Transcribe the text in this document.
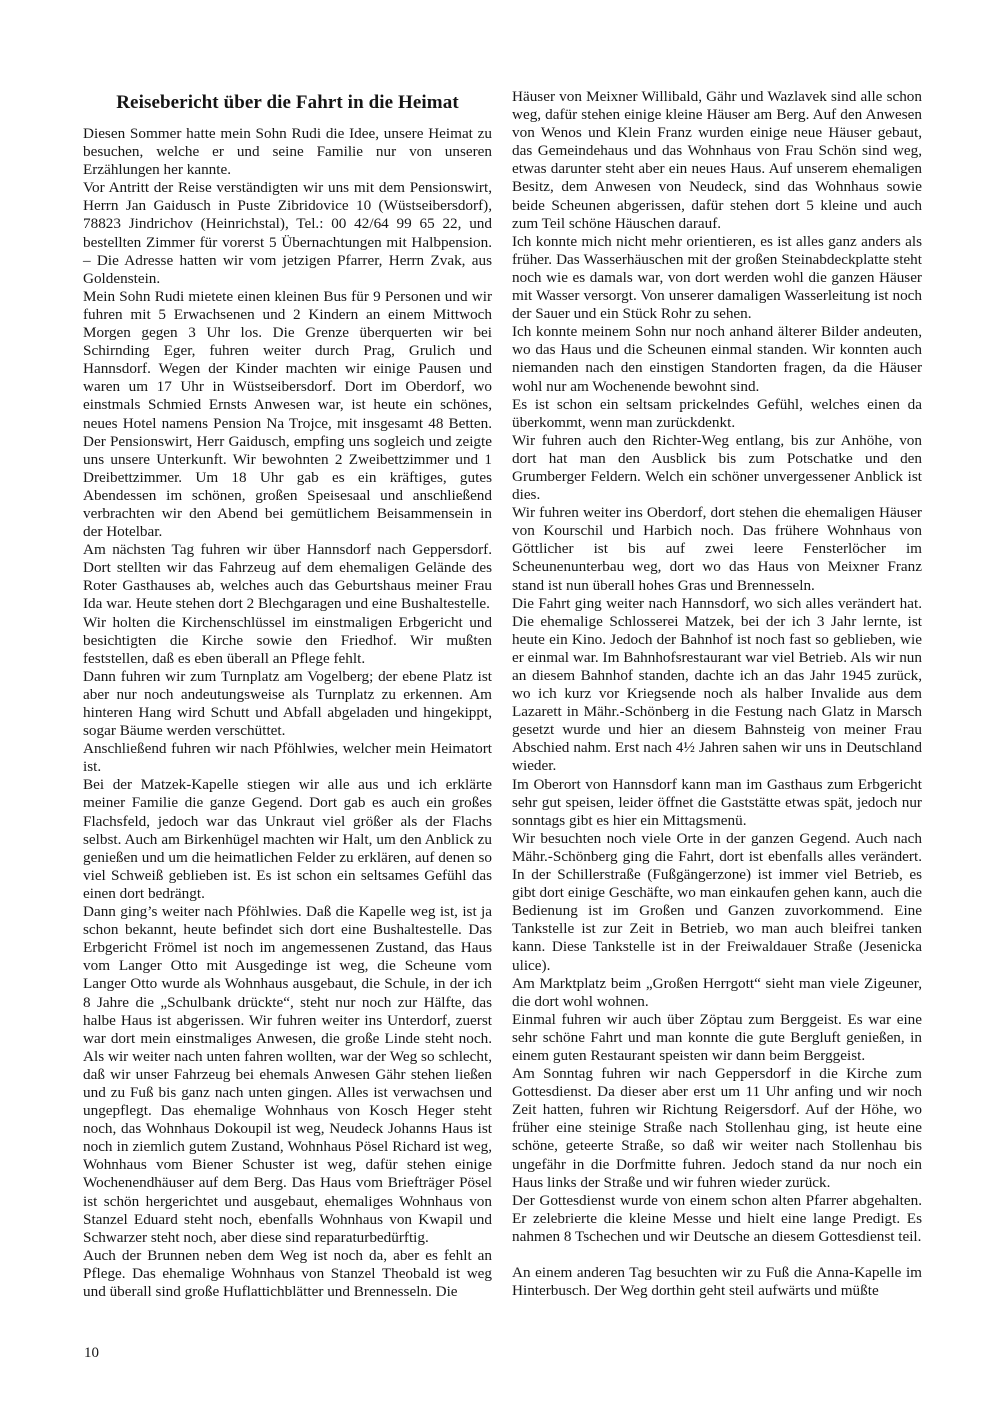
Reisebericht über die Fahrt in die Heimat

Diesen Sommer hatte mein Sohn Rudi die Idee, unsere Heimat zu besuchen, welche er und seine Familie nur von unseren Erzählungen her kannte.

Vor Antritt der Reise verständigten wir uns mit dem Pensionswirt, Herrn Jan Gaidusch in Puste Zibridovice 10 (Wüstseibersdorf), 78823 Jindrichov (Heinrichstal), Tel.: 00 42/64 99 65 22, und bestellten Zimmer für vorerst 5 Übernachtungen mit Halbpension. – Die Adresse hatten wir vom jetzigen Pfarrer, Herrn Zvak, aus Goldenstein.

Mein Sohn Rudi mietete einen kleinen Bus für 9 Personen und wir fuhren mit 5 Erwachsenen und 2 Kindern an einem Mittwoch Morgen gegen 3 Uhr los. Die Grenze überquerten wir bei Schirnding Eger, fuhren weiter durch Prag, Grulich und Hannsdorf. Wegen der Kinder machten wir einige Pausen und waren um 17 Uhr in Wüstseibersdorf. Dort im Oberdorf, wo einstmals Schmied Ernsts Anwesen war, ist heute ein schönes, neues Hotel namens Pension Na Trojce, mit insgesamt 48 Betten. Der Pensionswirt, Herr Gaidusch, empfing uns sogleich und zeigte uns unsere Unterkunft. Wir bewohnten 2 Zweibettzimmer und 1 Dreibettzimmer. Um 18 Uhr gab es ein kräftiges, gutes Abendessen im schönen, großen Speisesaal und anschließend verbrachten wir den Abend bei gemütlichem Beisammensein in der Hotelbar.

Am nächsten Tag fuhren wir über Hannsdorf nach Geppersdorf. Dort stellten wir das Fahrzeug auf dem ehemaligen Gelände des Roter Gasthauses ab, welches auch das Geburtshaus meiner Frau Ida war. Heute stehen dort 2 Blechgaragen und eine Bushaltestelle.

Wir holten die Kirchenschlüssel im einstmaligen Erbgericht und besichtigten die Kirche sowie den Friedhof. Wir mußten feststellen, daß es eben überall an Pflege fehlt.

Dann fuhren wir zum Turnplatz am Vogelberg; der ebene Platz ist aber nur noch andeutungsweise als Turnplatz zu erkennen. Am hinteren Hang wird Schutt und Abfall abgeladen und hingekippt, sogar Bäume werden verschüttet.

Anschließend fuhren wir nach Pföhlwies, welcher mein Heimatort ist.

Bei der Matzek-Kapelle stiegen wir alle aus und ich erklärte meiner Familie die ganze Gegend. Dort gab es auch ein großes Flachsfeld, jedoch war das Unkraut viel größer als der Flachs selbst. Auch am Birkenhügel machten wir Halt, um den Anblick zu genießen und um die heimatlichen Felder zu erklären, auf denen so viel Schweiß geblieben ist. Es ist schon ein seltsames Gefühl das einen dort bedrängt.

Dann ging’s weiter nach Pföhlwies. Daß die Kapelle weg ist, ist ja schon bekannt, heute befindet sich dort eine Bushaltestelle. Das Erbgericht Frömel ist noch im angemessenen Zustand, das Haus vom Langer Otto mit Ausgedinge ist weg, die Scheune vom Langer Otto wurde als Wohnhaus ausgebaut, die Schule, in der ich 8 Jahre die „Schulbank drückte“, steht nur noch zur Hälfte, das halbe Haus ist abgerissen. Wir fuhren weiter ins Unterdorf, zuerst war dort mein einstmaliges Anwesen, die große Linde steht noch. Als wir weiter nach unten fahren wollten, war der Weg so schlecht, daß wir unser Fahrzeug bei ehemals Anwesen Gähr stehen ließen und zu Fuß bis ganz nach unten gingen. Alles ist verwachsen und ungepflegt. Das ehemalige Wohnhaus von Kosch Heger steht noch, das Wohnhaus Dokoupil ist weg, Neudeck Johanns Haus ist noch in ziemlich gutem Zustand, Wohnhaus Pösel Richard ist weg, Wohnhaus vom Biener Schuster ist weg, dafür stehen einige Wochenendhäuser auf dem Berg. Das Haus vom Briefträger Pösel ist schön hergerichtet und ausgebaut, ehemaliges Wohnhaus von Stanzel Eduard steht noch, ebenfalls Wohnhaus von Kwapil und Schwarzer steht noch, aber diese sind reparaturbedürftig.

Auch der Brunnen neben dem Weg ist noch da, aber es fehlt an Pflege. Das ehemalige Wohnhaus von Stanzel Theobald ist weg und überall sind große Huflattichblätter und Brennesseln. Die

Häuser von Meixner Willibald, Gähr und Wazlavek sind alle schon weg, dafür stehen einige kleine Häuser am Berg. Auf den Anwesen von Wenos und Klein Franz wurden einige neue Häuser gebaut, das Gemeindehaus und das Wohnhaus von Frau Schön sind weg, etwas darunter steht aber ein neues Haus. Auf unserem ehemaligen Besitz, dem Anwesen von Neudeck, sind das Wohnhaus sowie beide Scheunen abgerissen, dafür stehen dort 5 kleine und auch zum Teil schöne Häuschen darauf.

Ich konnte mich nicht mehr orientieren, es ist alles ganz anders als früher. Das Wasserhäuschen mit der großen Steinabdeckplatte steht noch wie es damals war, von dort werden wohl die ganzen Häuser mit Wasser versorgt. Von unserer damaligen Wasserleitung ist noch der Sauer und ein Stück Rohr zu sehen.

Ich konnte meinem Sohn nur noch anhand älterer Bilder andeuten, wo das Haus und die Scheunen einmal standen. Wir konnten auch niemanden nach den einstigen Standorten fragen, da die Häuser wohl nur am Wochenende bewohnt sind.

Es ist schon ein seltsam prickelndes Gefühl, welches einen da überkommt, wenn man zurückdenkt.

Wir fuhren auch den Richter-Weg entlang, bis zur Anhöhe, von dort hat man den Ausblick bis zum Potschatke und den Grumberger Feldern. Welch ein schöner unvergessener Anblick ist dies.

Wir fuhren weiter ins Oberdorf, dort stehen die ehemaligen Häuser von Kourschil und Harbich noch. Das frühere Wohnhaus von Göttlicher ist bis auf zwei leere Fensterlöcher im Scheunenunterbau weg, dort wo das Haus von Meixner Franz stand ist nun überall hohes Gras und Brennesseln.

Die Fahrt ging weiter nach Hannsdorf, wo sich alles verändert hat. Die ehemalige Schlosserei Matzek, bei der ich 3 Jahr lernte, ist heute ein Kino. Jedoch der Bahnhof ist noch fast so geblieben, wie er einmal war. Im Bahnhofsrestaurant war viel Betrieb. Als wir nun an diesem Bahnhof standen, dachte ich an das Jahr 1945 zurück, wo ich kurz vor Kriegsende noch als halber Invalide aus dem Lazarett in Mähr.-Schönberg in die Festung nach Glatz in Marsch gesetzt wurde und hier an diesem Bahnsteig von meiner Frau Abschied nahm. Erst nach 4½ Jahren sahen wir uns in Deutschland wieder.

Im Oberort von Hannsdorf kann man im Gasthaus zum Erbgericht sehr gut speisen, leider öffnet die Gaststätte etwas spät, jedoch nur sonntags gibt es hier ein Mittagsmenü.

Wir besuchten noch viele Orte in der ganzen Gegend. Auch nach Mähr.-Schönberg ging die Fahrt, dort ist ebenfalls alles verändert. In der Schillerstraße (Fußgängerzone) ist immer viel Betrieb, es gibt dort einige Geschäfte, wo man einkaufen gehen kann, auch die Bedienung ist im Großen und Ganzen zuvorkommend. Eine Tankstelle ist zur Zeit in Betrieb, wo man auch bleifrei tanken kann. Diese Tankstelle ist in der Freiwaldauer Straße (Jesenicka ulice).

Am Marktplatz beim „Großen Herrgott“ sieht man viele Zigeuner, die dort wohl wohnen.

Einmal fuhren wir auch über Zöptau zum Berggeist. Es war eine sehr schöne Fahrt und man konnte die gute Bergluft genießen, in einem guten Restaurant speisten wir dann beim Berggeist.

Am Sonntag fuhren wir nach Geppersdorf in die Kirche zum Gottesdienst. Da dieser aber erst um 11 Uhr anfing und wir noch Zeit hatten, fuhren wir Richtung Reigersdorf. Auf der Höhe, wo früher eine steinige Straße nach Stollenhau ging, ist heute eine schöne, geteerte Straße, so daß wir weiter nach Stollenhau bis ungefähr in die Dorfmitte fuhren. Jedoch stand da nur noch ein Haus links der Straße und wir fuhren wieder zurück.

Der Gottesdienst wurde von einem schon alten Pfarrer abgehalten. Er zelebrierte die kleine Messe und hielt eine lange Predigt. Es nahmen 8 Tschechen und wir Deutsche an diesem Gottesdienst teil.

An einem anderen Tag besuchten wir zu Fuß die Anna-Kapelle im Hinterbusch. Der Weg dorthin geht steil aufwärts und müßte

10
